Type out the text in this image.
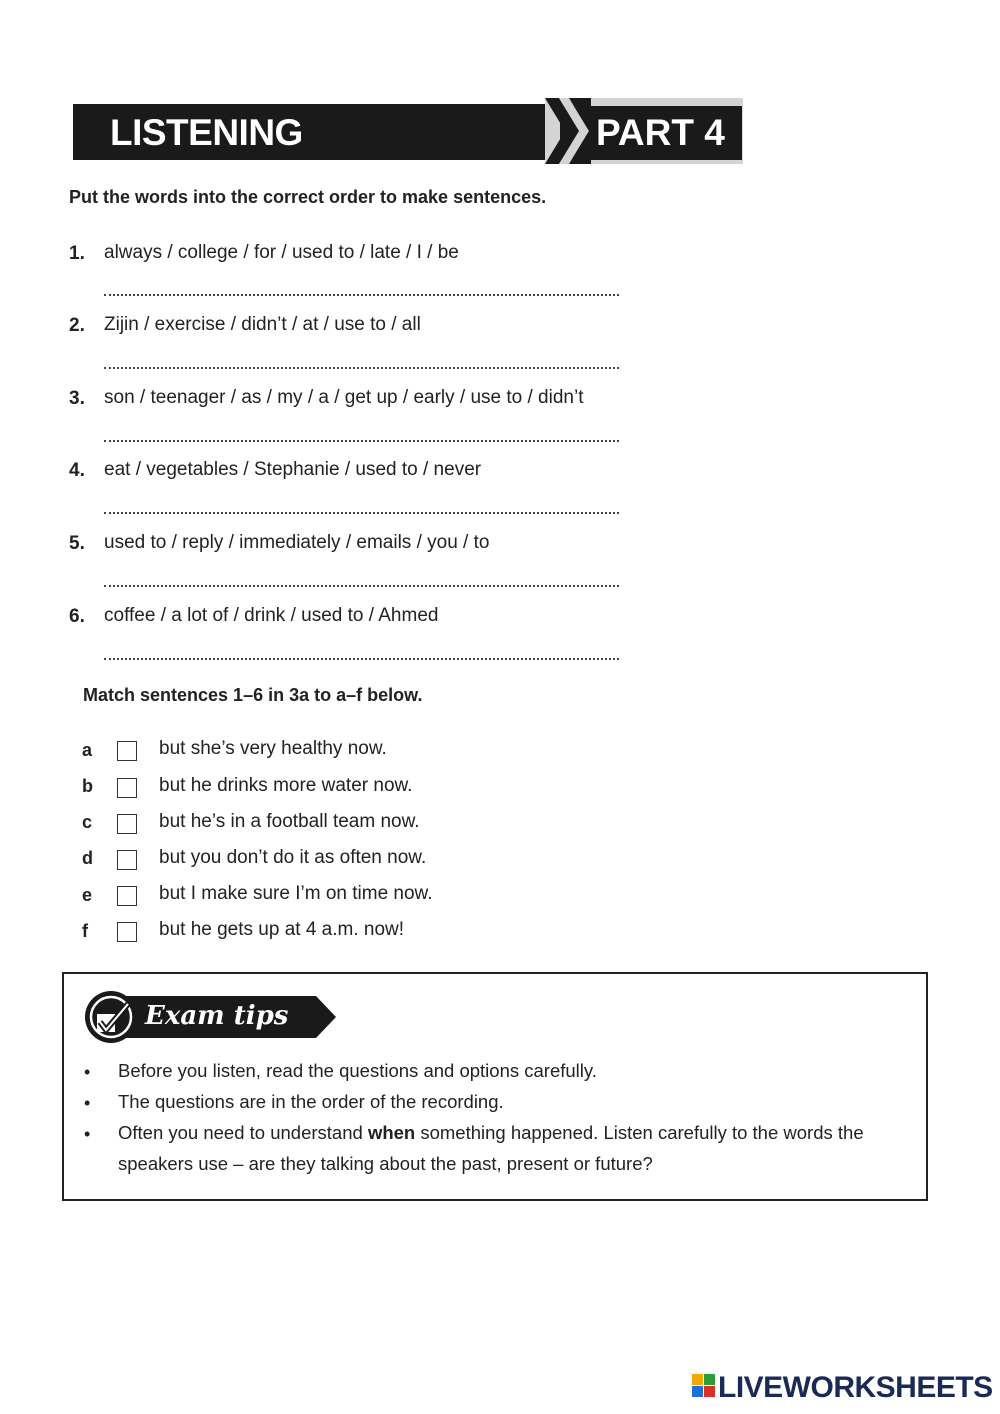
LISTENING	PART 4
Put the words into the correct order to make sentences.
1. always / college / for / used to / late / I / be
2. Zijin / exercise / didn’t / at / use to / all
3. son / teenager / as / my / a / get up / early / use to / didn’t
4. eat / vegetables / Stephanie / used to / never
5. used to / reply / immediately / emails / you / to
6. coffee / a lot of / drink / used to / Ahmed
Match sentences 1–6 in 3a to a–f below.
a	but she’s very healthy now.
b	but he drinks more water now.
c	but he’s in a football team now.
d	but you don’t do it as often now.
e	but I make sure I’m on time now.
f	but he gets up at 4 a.m. now!
Exam tips
• Before you listen, read the questions and options carefully.
• The questions are in the order of the recording.
• Often you need to understand when something happened. Listen carefully to the words the speakers use – are they talking about the past, present or future?
LIVEWORKSHEETS
